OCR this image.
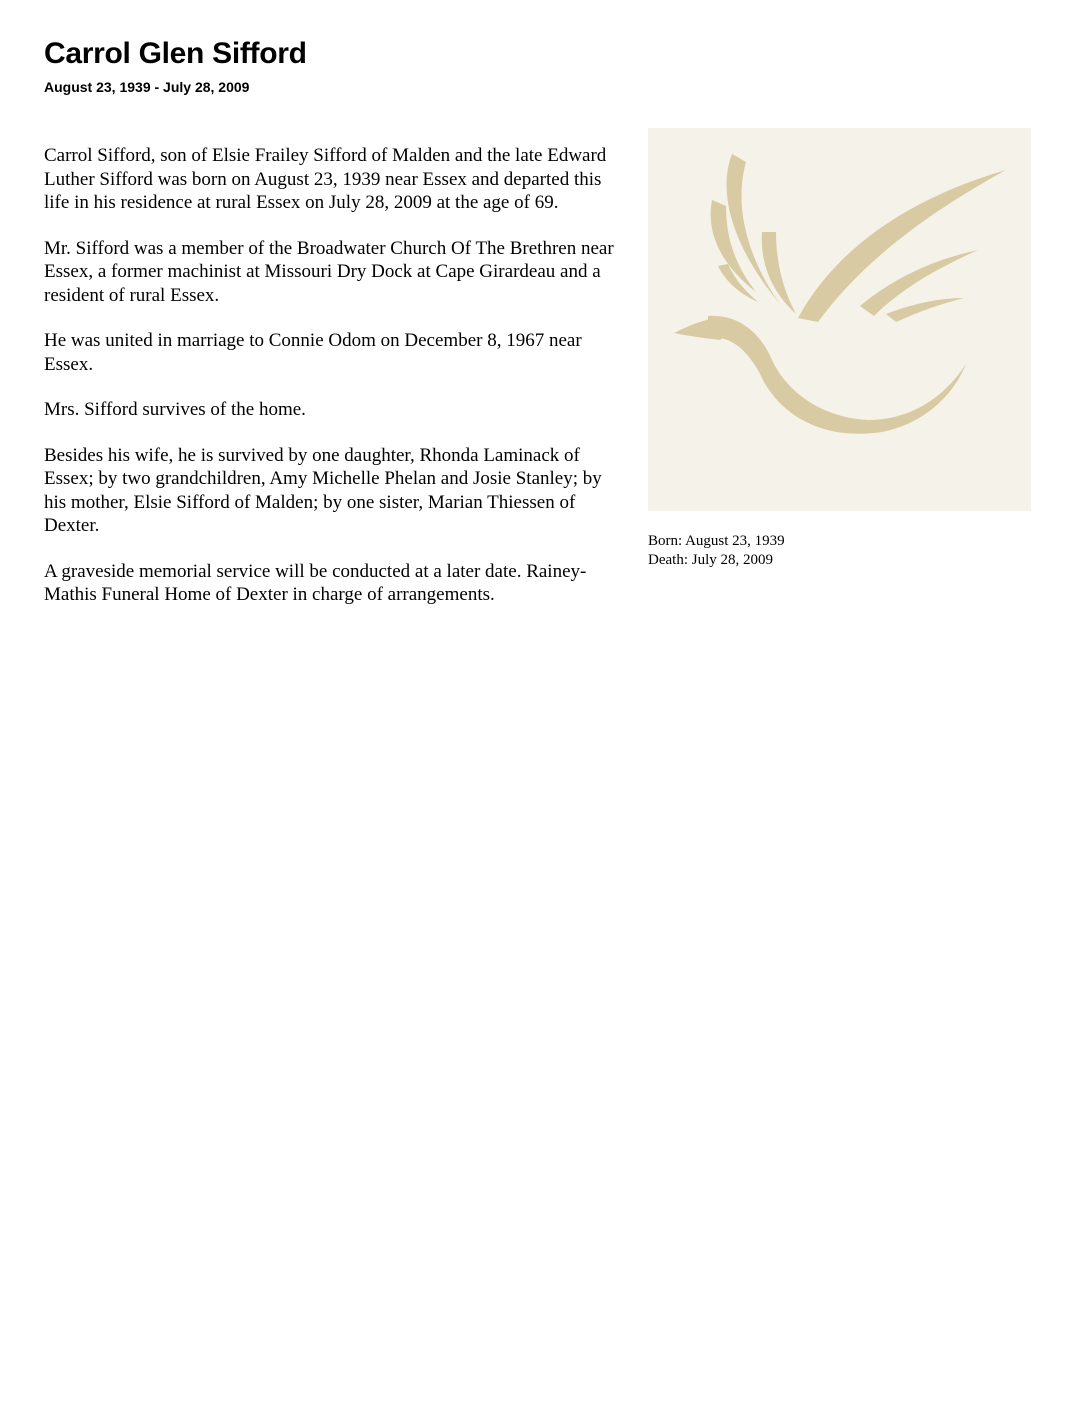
Carrol Glen Sifford
August 23, 1939 - July 28, 2009

Carrol Sifford, son of Elsie Frailey Sifford of Malden and the late Edward Luther Sifford was born on August 23, 1939 near Essex and departed this life in his residence at rural Essex on July 28, 2009 at the age of 69.

Mr. Sifford was a member of the Broadwater Church Of The Brethren near Essex, a former machinist at Missouri Dry Dock at Cape Girardeau and a resident of rural Essex.

He was united in marriage to Connie Odom on December 8, 1967 near Essex.

Mrs. Sifford survives of the home.

Besides his wife, he is survived by one daughter, Rhonda Laminack of Essex; by two grandchildren, Amy Michelle Phelan and Josie Stanley; by his mother, Elsie Sifford of Malden; by one sister, Marian Thiessen of Dexter.

A graveside memorial service will be conducted at a later date. Rainey-Mathis Funeral Home of Dexter in charge of arrangements.

Born: August 23, 1939
Death: July 28, 2009
